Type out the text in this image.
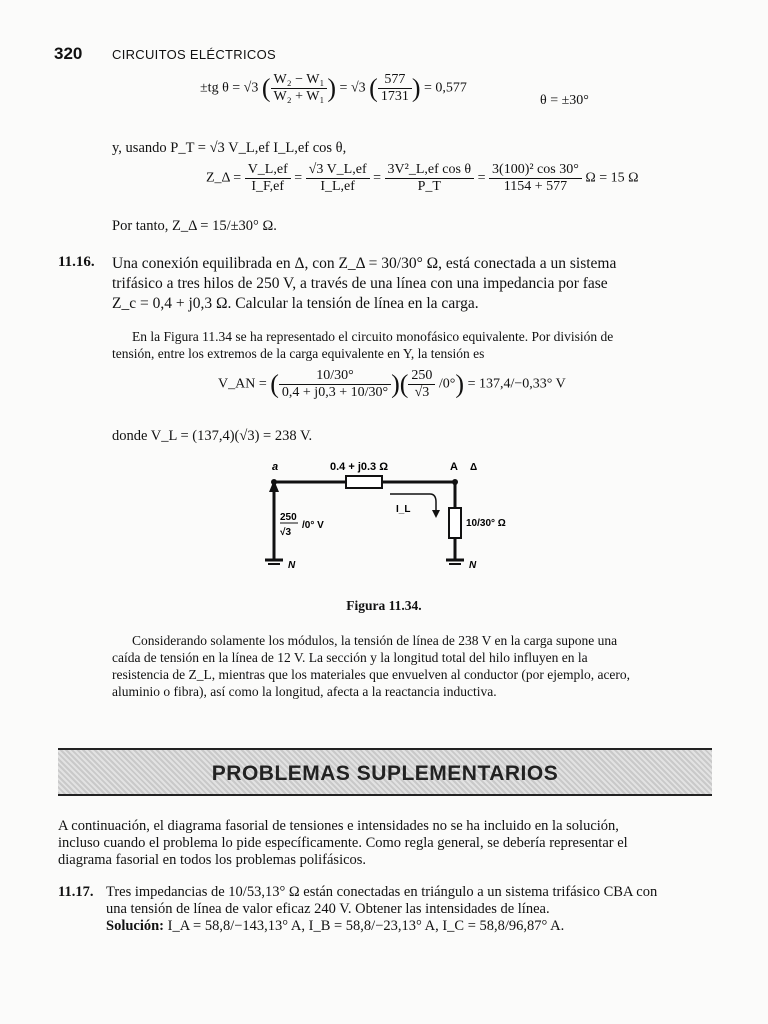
320 CIRCUITOS ELÉCTRICOS
±tg θ = √3 ( $\frac{\text{W₂ − W₁}}{\text{W₂ + W₁}}$ ) = √3 ( $\frac{577}{1731}$ ) = 0,577
θ = ±30°
y, usando P_T = √3 V_L,ef I_L,ef cos θ,
Z_Δ = $\frac{V\_L,ef}{I\_F,ef} = \frac{√3 V\_L,ef}{I\_L,ef} = \frac{\text{3V²\_L,ef cos θ}}{P\_T} = \frac{\text{3(100)² cos 30°}}{1154 + 577}$ Ω = 15 Ω
Por tanto, Z_Δ = 15/±30° Ω.
11.16. Una conexión equilibrada en Δ, con Z_Δ = 30/30° Ω, está conectada a un sistema
trifásico a tres hilos de 250 V, a través de una línea con una impedancia por fase
Z_c = 0,4 + j0,3 Ω. Calcular la tensión de línea en la carga.
En la Figura 11.34 se ha representado el circuito monofásico equivalente. Por división de
tensión, entre los extremos de la carga equivalente en Y, la tensión es
V_AN = ( $\frac{10/30^\circ}{0,4 + j0,3 + 10/30^\circ}$ )( $\frac{250}{√3} /0^\circ) = 137,4/-0,33^\circ$ V
donde V_L = (137,4)(√3) = 238 V.
a	0.4 + j0.3 Ω	A Δ
I_L
250
√3
/0° V	10/30° Ω
N	N
Figura 11.34.
Considerando solamente los módulos, la tensión de línea de 238 V en la carga supone una
caída de tensión en la línea de 12 V. La sección y la longitud total del hilo influyen en la
resistencia de Z_L, mientras que los materiales que envuelven al conductor (por ejemplo, acero,
aluminio o fibra), así como la longitud, afecta a la reactancia inductiva.
PROBLEMAS SUPLEMENTARIOS
A continuación, el diagrama fasorial de tensiones e intensidades no se ha incluido en la solución,
incluso cuando el problema lo pide específicamente. Como regla general, se debería representar el
diagrama fasorial en todos los problemas polifásicos.
11.17. Tres impedancias de 10/53,13° Ω están conectadas en triángulo a un sistema trifásico CBA con
una tensión de línea de valor eficaz 240 V. Obtener las intensidades de línea.
Solución: I_A = 58,8/−143,13° A, I_B = 58,8/−23,13° A, I_C = 58,8/96,87° A.
